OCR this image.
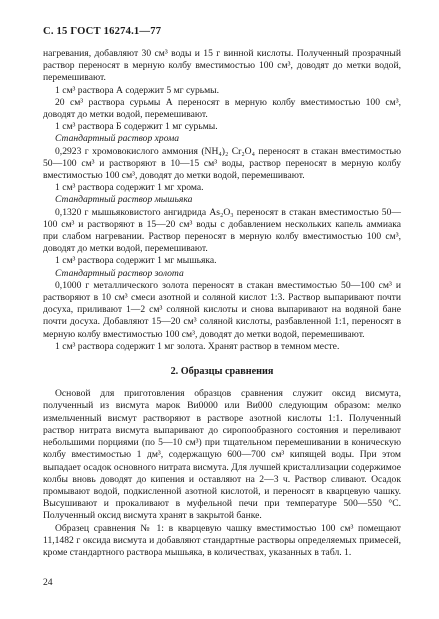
С. 15 ГОСТ 16274.1—77

нагревания, добавляют 30 см³ воды и 15 г винной кислоты. Полученный прозрачный раствор переносят в мерную колбу вместимостью 100 см³, доводят до метки водой, перемешивают.

1 см³ раствора А содержит 5 мг сурьмы.

20 см³ раствора сурьмы А переносят в мерную колбу вместимостью 100 см³, доводят до метки водой, перемешивают.

1 см³ раствора Б содержит 1 мг сурьмы.

Стандартный раствор хрома

0,2923 г хромовокислого аммония (NH₄)₂ Cr₂O₄ переносят в стакан вместимостью 50—100 см³ и растворяют в 10—15 см³ воды, раствор переносят в мерную колбу вместимостью 100 см³, доводят до метки водой, перемешивают.

1 см³ раствора содержит 1 мг хрома.

Стандартный раствор мышьяка

0,1320 г мышьяковистого ангидрида As₂O₃ переносят в стакан вместимостью 50—100 см³ и растворяют в 15—20 см³ воды с добавлением нескольких капель аммиака при слабом нагревании. Раствор переносят в мерную колбу вместимостью 100 см³, доводят до метки водой, перемешивают.

1 см³ раствора содержит 1 мг мышьяка.

Стандартный раствор золота

0,1000 г металлического золота переносят в стакан вместимостью 50—100 см³ и растворяют в 10 см³ смеси азотной и соляной кислот 1:3. Раствор выпаривают почти досуха, приливают 1—2 см³ соляной кислоты и снова выпаривают на водяной бане почти досуха. Добавляют 15—20 см³ соляной кислоты, разбавленной 1:1, переносят в мерную колбу вместимостью 100 см³, доводят до метки водой, перемешивают.

1 см³ раствора содержит 1 мг золота. Хранят раствор в темном месте.

2. Образцы сравнения

Основой для приготовления образцов сравнения служит оксид висмута, полученный из висмута марок Ви0000 или Ви000 следующим образом: мелко измельченный висмут растворяют в растворе азотной кислоты 1:1. Полученный раствор нитрата висмута выпаривают до сиропообразного состояния и переливают небольшими порциями (по 5—10 см³) при тщательном перемешивании в коническую колбу вместимостью 1 дм³, содержащую 600—700 см³ кипящей воды. При этом выпадает осадок основного нитрата висмута. Для лучшей кристаллизации содержимое колбы вновь доводят до кипения и оставляют на 2—3 ч. Раствор сливают. Осадок промывают водой, подкисленной азотной кислотой, и переносят в кварцевую чашку. Высушивают и прокаливают в муфельной печи при температуре 500—550 °С. Полученный оксид висмута хранят в закрытой банке.

Образец сравнения № 1: в кварцевую чашку вместимостью 100 см³ помещают 11,1482 г оксида висмута и добавляют стандартные растворы определяемых примесей, кроме стандартного раствора мышьяка, в количествах, указанных в табл. 1.

24
